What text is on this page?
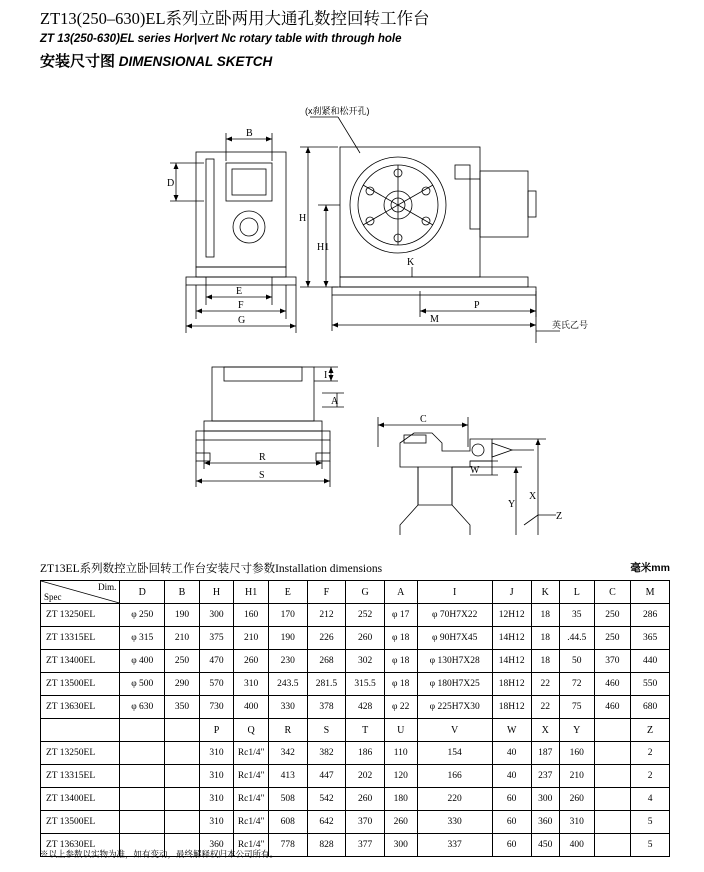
ZT13(250–630)EL系列立卧两用大通孔数控回转工作台
ZT 13(250-630)EL series Hor|vert Nc rotary table with through hole
安装尺寸图 DIMENSIONAL SKETCH
(x刹紧和松开孔)
B
D
E
F
G
H
H1
K
M
P
I
A
R
S
C
W
Y
X
Z
英氏乙号
ZT13EL系列数控立卧回转工作台安装尺寸参数Installation dimensions	毫米mm
Dim.
Spec	D	B	H	H1	E	F	G	A	I	J	K	L	C	M
ZT 13250EL	φ 250	190	300	160	170	212	252	φ 17	φ 70H7X22	12H12	18	35	250	286
ZT 13315EL	φ 315	210	375	210	190	226	260	φ 18	φ 90H7X45	14H12	18	.44.5	250	365
ZT 13400EL	φ 400	250	470	260	230	268	302	φ 18	φ 130H7X28	14H12	18	50	370	440
ZT 13500EL	φ 500	290	570	310	243.5	281.5	315.5	φ 18	φ 180H7X25	18H12	22	72	460	550
ZT 13630EL	φ 630	350	730	400	330	378	428	φ 22	φ 225H7X30	18H12	22	75	460	680
			P	Q	R	S	T	U	V	W	X	Y		Z
ZT 13250EL			310	Rc1/4"	342	382	186	110	154	40	187	160		2
ZT 13315EL			310	Rc1/4"	413	447	202	120	166	40	237	210		2
ZT 13400EL			310	Rc1/4"	508	542	260	180	220	60	300	260		4
ZT 13500EL			310	Rc1/4"	608	642	370	260	330	60	360	310		5
ZT 13630EL			360	Rc1/4"	778	828	377	300	337	60	450	400		5
※以上参数以实物为准，如有变动，最终解释权归本公司所有。
